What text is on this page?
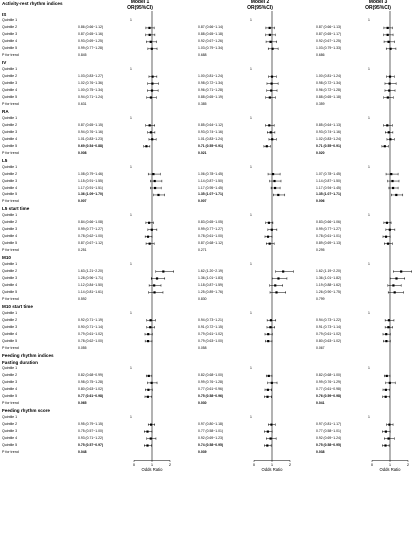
Activity-rest rhythm indices	Model 1
OR(95%CI)
Model 2
OR(95%CI)
Model 3
OR(95%CI)
IS
Quintile 1	1	1	1
Quintile 2	0.86 (0.66~1.12)	0.87 (0.66~1.14)	0.87 (0.66~1.13)
Quintile 3	0.87 (0.65~1.16)	0.88 (0.65~1.18)	0.87 (0.65~1.17)
Quintile 4	0.93 (0.69~1.25)	0.92 (0.67~1.26)	0.92 (0.67~1.25)
Quintile 5	0.99 (0.77~1.28)	1.03 (0.79~1.34)	1.03 (0.79~1.33)
P for trend	0.845	0.688	0.686
IV
Quintile 1	1	1	1
Quintile 2	1.03 (0.83~1.27)	1.00 (0.81~1.24)	1.00 (0.81~1.24)
Quintile 3	1.02 (0.76~1.36)	0.98 (0.72~1.34)	0.98 (0.72~1.34)
Quintile 4	1.00 (0.75~1.34)	0.96 (0.71~1.28)	0.96 (0.72~1.28)
Quintile 5	0.94 (0.71~1.24)	0.88 (0.65~1.19)	0.88 (0.65~1.18)
P for trend	0.631	0.385	0.359
RA
Quintile 1	1	1	1
Quintile 2	0.87 (0.65~1.15)	0.85 (0.64~1.12)	0.85 (0.64~1.13)
Quintile 3	0.94 (0.76~1.16)	0.93 (0.74~1.16)	0.93 (0.74~1.16)
Quintile 4	1.01 (0.83~1.23)	1.01 (0.83~1.24)	1.02 (0.83~1.24)
Quintile 5	0.69 (0.54~0.88)	0.71 (0.55~0.91)	0.71 (0.55~0.91)
P for trend	0.008	0.021	0.020
L5
Quintile 1	1	1	1
Quintile 2	1.08 (0.79~1.46)	1.06 (0.78~1.45)	1.07 (0.78~1.45)
Quintile 3	1.15 (0.91~1.55)	1.14 (0.87~1.50)	1.14 (0.87~1.50)
Quintile 4	1.17 (0.91~1.51)	1.17 (0.95~1.45)	1.17 (0.94~1.45)
Quintile 5	1.36 (1.09~1.70)	1.35 (1.07~1.71)	1.35 (1.07~1.71)
P for trend	0.007	0.007	0.006
L5 start time
Quintile 1	1	1	1
Quintile 2	0.84 (0.66~1.08)	0.83 (0.65~1.05)	0.83 (0.66~1.06)
Quintile 3	0.99 (0.77~1.27)	0.99 (0.77~1.27)	0.99 (0.77~1.27)
Quintile 4	0.78 (0.62~1.00)	0.78 (0.61~1.00)	0.78 (0.61~1.01)
Quintile 5	0.87 (0.67~1.12)	0.87 (0.68~1.12)	0.89 (0.69~1.13)
P for trend	0.251	0.271	0.295
M10
Quintile 1	1	1	1
Quintile 2	1.63 (1.21~2.20)	1.62 (1.20~2.19)	1.62 (1.19~2.20)
Quintile 3	1.28 (0.96~1.71)	1.36 (1.01~1.83)	1.36 (1.01~1.82)
Quintile 4	1.12 (0.84~1.50)	1.18 (0.87~1.59)	1.19 (0.88~1.62)
Quintile 5	1.14 (0.81~1.61)	1.25 (0.89~1.76)	1.26 (0.90~1.75)
P for trend	0.592	0.830	0.799
M10 start time
Quintile 1	1	1	1
Quintile 2	0.92 (0.71~1.19)	0.94 (0.73~1.21)	0.94 (0.73~1.22)
Quintile 3	0.90 (0.71~1.14)	0.91 (0.72~1.15)	0.91 (0.73~1.14)
Quintile 4	0.79 (0.61~1.02)	0.79 (0.61~1.02)	0.79 (0.61~1.02)
Quintile 5	0.78 (0.62~1.00)	0.79 (0.63~1.00)	0.80 (0.63~1.02)
P for trend	0.055	0.058	0.067
Feeding rhythm indices
Fasting duration
Quintile 1	1	1	1
Quintile 2	0.82 (0.68~0.99)	0.82 (0.68~1.00)	0.82 (0.68~1.00)
Quintile 3	0.98 (0.75~1.28)	0.99 (0.76~1.28)	0.99 (0.76~1.29)
Quintile 4	0.80 (0.63~1.02)	0.77 (0.61~0.96)	0.77 (0.61~0.98)
Quintile 5	0.77 (0.61~0.98)	0.75 (0.58~0.96)	0.76 (0.59~0.98)
P for trend	0.065	0.030	0.041
Feeding rhythm score
Quintile 1	1	1	1
Quintile 2	0.95 (0.79~1.15)	0.97 (0.80~1.18)	0.97 (0.81~1.17)
Quintile 3	0.75 (0.57~1.00)	0.77 (0.58~1.01)	0.77 (0.58~1.01)
Quintile 4	0.93 (0.71~1.22)	0.92 (0.69~1.23)	0.92 (0.69~1.24)
Quintile 5	0.75 (0.57~0.97)	0.74 (0.58~0.95)	0.75 (0.58~0.95)
P for trend	0.048	0.039	0.038
0	1	2
Odds Ratio
0	1	2
Odds Ratio
0	1	2
Odds Ratio
